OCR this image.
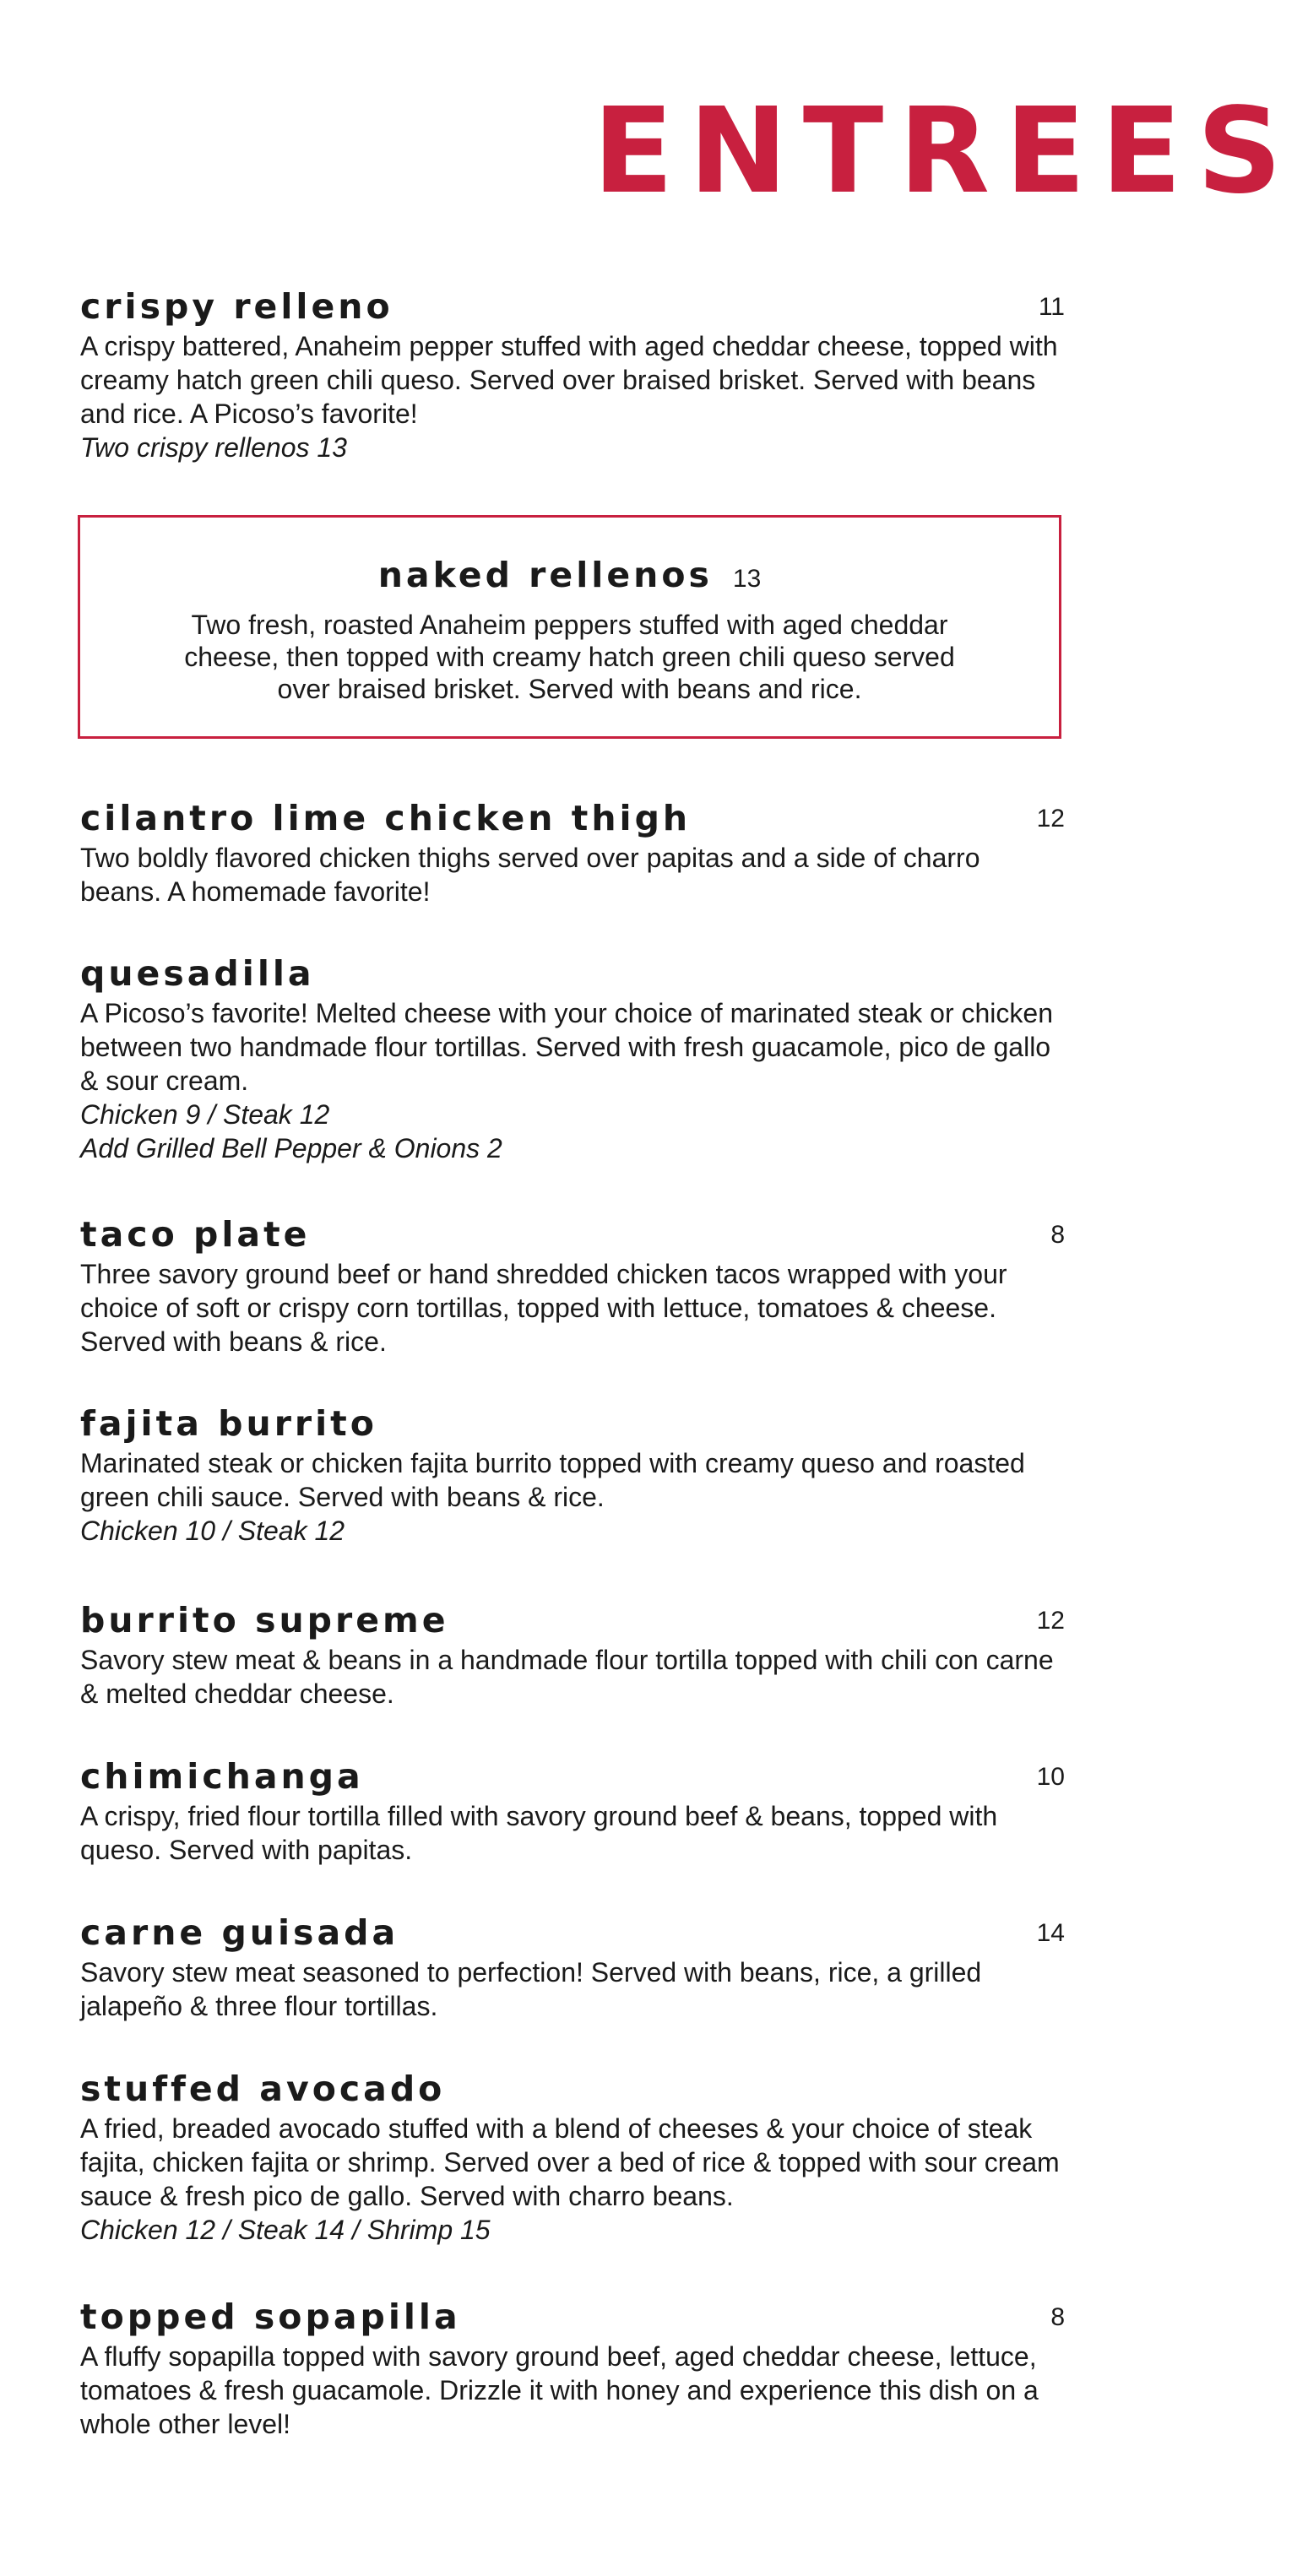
ENTREES
crispy relleno	11

A crispy battered, Anaheim pepper stuffed with aged cheddar cheese, topped with creamy hatch green chili queso. Served over braised brisket. Served with beans and rice. A Picoso’s favorite!

Two crispy rellenos 13

naked rellenos 13

Two fresh, roasted Anaheim peppers stuffed with aged cheddar cheese, then topped with creamy hatch green chili queso served over braised brisket. Served with beans and rice.

cilantro lime chicken thigh	12

Two boldly flavored chicken thighs served over papitas and a side of charro beans. A homemade favorite!

quesadilla

A Picoso’s favorite! Melted cheese with your choice of marinated steak or chicken between two handmade flour tortillas. Served with fresh guacamole, pico de gallo & sour cream.

Chicken 9 / Steak 12

Add Grilled Bell Pepper & Onions 2

taco plate	8

Three savory ground beef or hand shredded chicken tacos wrapped with your choice of soft or crispy corn tortillas, topped with lettuce, tomatoes & cheese. Served with beans & rice.

fajita burrito

Marinated steak or chicken fajita burrito topped with creamy queso and roasted green chili sauce. Served with beans & rice.

Chicken 10 / Steak 12

burrito supreme	12

Savory stew meat & beans in a handmade flour tortilla topped with chili con carne & melted cheddar cheese.

chimichanga	10

A crispy, fried flour tortilla filled with savory ground beef & beans, topped with queso. Served with papitas.

carne guisada	14

Savory stew meat seasoned to perfection! Served with beans, rice, a grilled jalapeño & three flour tortillas.

stuffed avocado

A fried, breaded avocado stuffed with a blend of cheeses & your choice of steak fajita, chicken fajita or shrimp. Served over a bed of rice & topped with sour cream sauce & fresh pico de gallo. Served with charro beans.

Chicken 12 / Steak 14 / Shrimp 15

topped sopapilla	8

A fluffy sopapilla topped with savory ground beef, aged cheddar cheese, lettuce, tomatoes & fresh guacamole. Drizzle it with honey and experience this dish on a whole other level!
